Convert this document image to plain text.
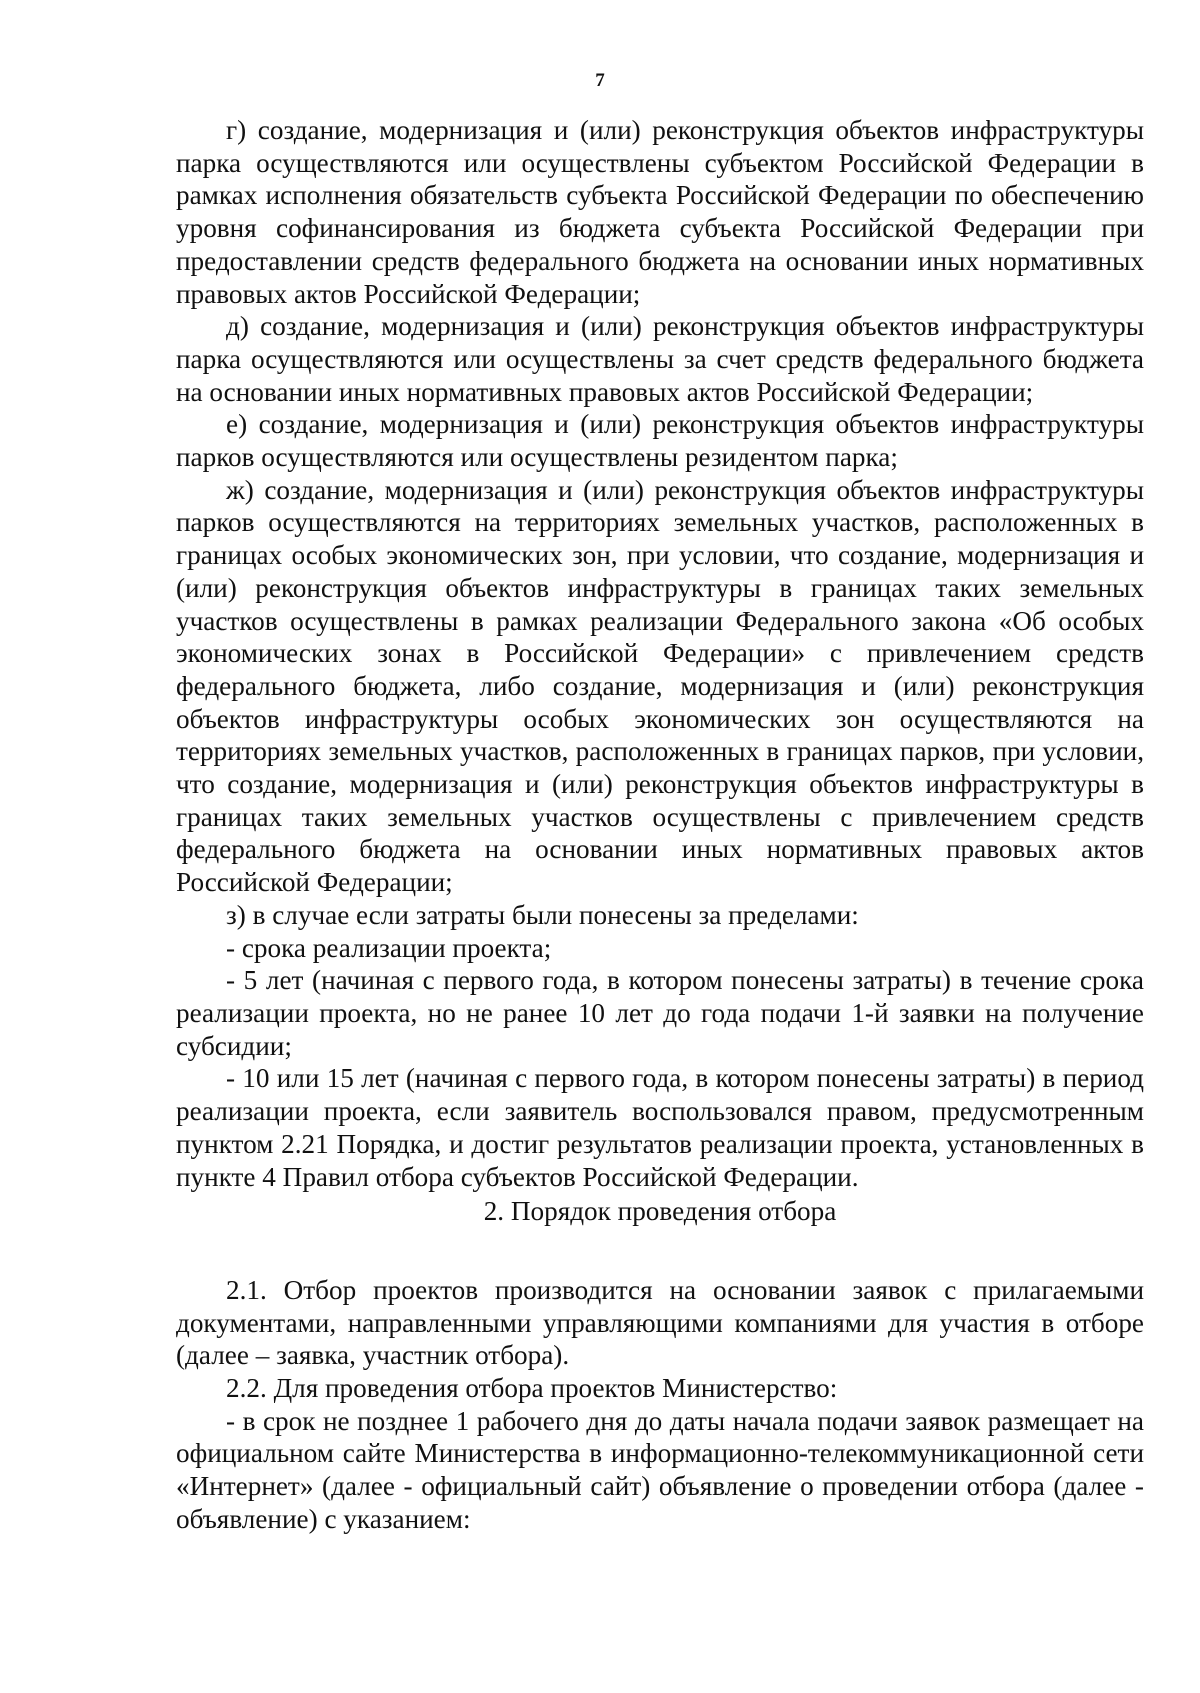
7

г) создание, модернизация и (или) реконструкция объектов инфраструктуры парка осуществляются или осуществлены субъектом Российской Федерации в рамках исполнения обязательств субъекта Российской Федерации по обеспечению уровня софинансирования из бюджета субъекта Российской Федерации при предоставлении средств федерального бюджета на основании иных нормативных правовых актов Российской Федерации;

д) создание, модернизация и (или) реконструкция объектов инфраструктуры парка осуществляются или осуществлены за счет средств федерального бюджета на основании иных нормативных правовых актов Российской Федерации;

е) создание, модернизация и (или) реконструкция объектов инфраструктуры парков осуществляются или осуществлены резидентом парка;

ж) создание, модернизация и (или) реконструкция объектов инфраструктуры парков осуществляются на территориях земельных участков, расположенных в границах особых экономических зон, при условии, что создание, модернизация и (или) реконструкция объектов инфраструктуры в границах таких земельных участков осуществлены в рамках реализации Федерального закона «Об особых экономических зонах в Российской Федерации» с привлечением средств федерального бюджета, либо создание, модернизация и (или) реконструкция объектов инфраструктуры особых экономических зон осуществляются на территориях земельных участков, расположенных в границах парков, при условии, что создание, модернизация и (или) реконструкция объектов инфраструктуры в границах таких земельных участков осуществлены с привлечением средств федерального бюджета на основании иных нормативных правовых актов Российской Федерации;

з) в случае если затраты были понесены за пределами:

- срока реализации проекта;

- 5 лет (начиная с первого года, в котором понесены затраты) в течение срока реализации проекта, но не ранее 10 лет до года подачи 1-й заявки на получение субсидии;

- 10 или 15 лет (начиная с первого года, в котором понесены затраты) в период реализации проекта, если заявитель воспользовался правом, предусмотренным пунктом 2.21 Порядка, и достиг результатов реализации проекта, установленных в пункте 4 Правил отбора субъектов Российской Федерации.

2. Порядок проведения отбора

2.1. Отбор проектов производится на основании заявок с прилагаемыми документами, направленными управляющими компаниями для участия в отборе (далее – заявка, участник отбора).

2.2. Для проведения отбора проектов Министерство:

- в срок не позднее 1 рабочего дня до даты начала подачи заявок размещает на официальном сайте Министерства в информационно-телекоммуникационной сети «Интернет» (далее - официальный сайт) объявление о проведении отбора (далее - объявление) с указанием:
